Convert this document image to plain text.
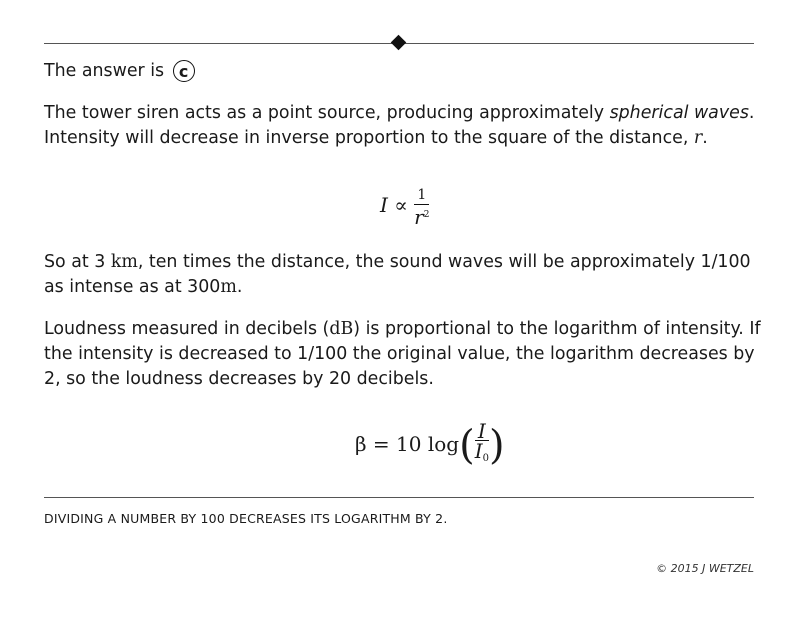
The answer is c

The tower siren acts as a point source, producing approximately spherical waves.
Intensity will decrease in inverse proportion to the square of the distance, r.

$I \propto \frac{1}{r^2}$

So at 3 km, ten times the distance, the sound waves will be approximately 1/100 as intense as at 300m.

Loudness measured in decibels (dB) is proportional to the logarithm of intensity. If the intensity is decreased to 1/100 the original value, the logarithm decreases by 2, so the loudness decreases by 20 decibels.

β = 10 $\log( \frac{I}{I_0}$ )
DIVIDING A NUMBER BY 100 DECREASES ITS LOGARITHM BY 2.
© 2015 J WETZEL
